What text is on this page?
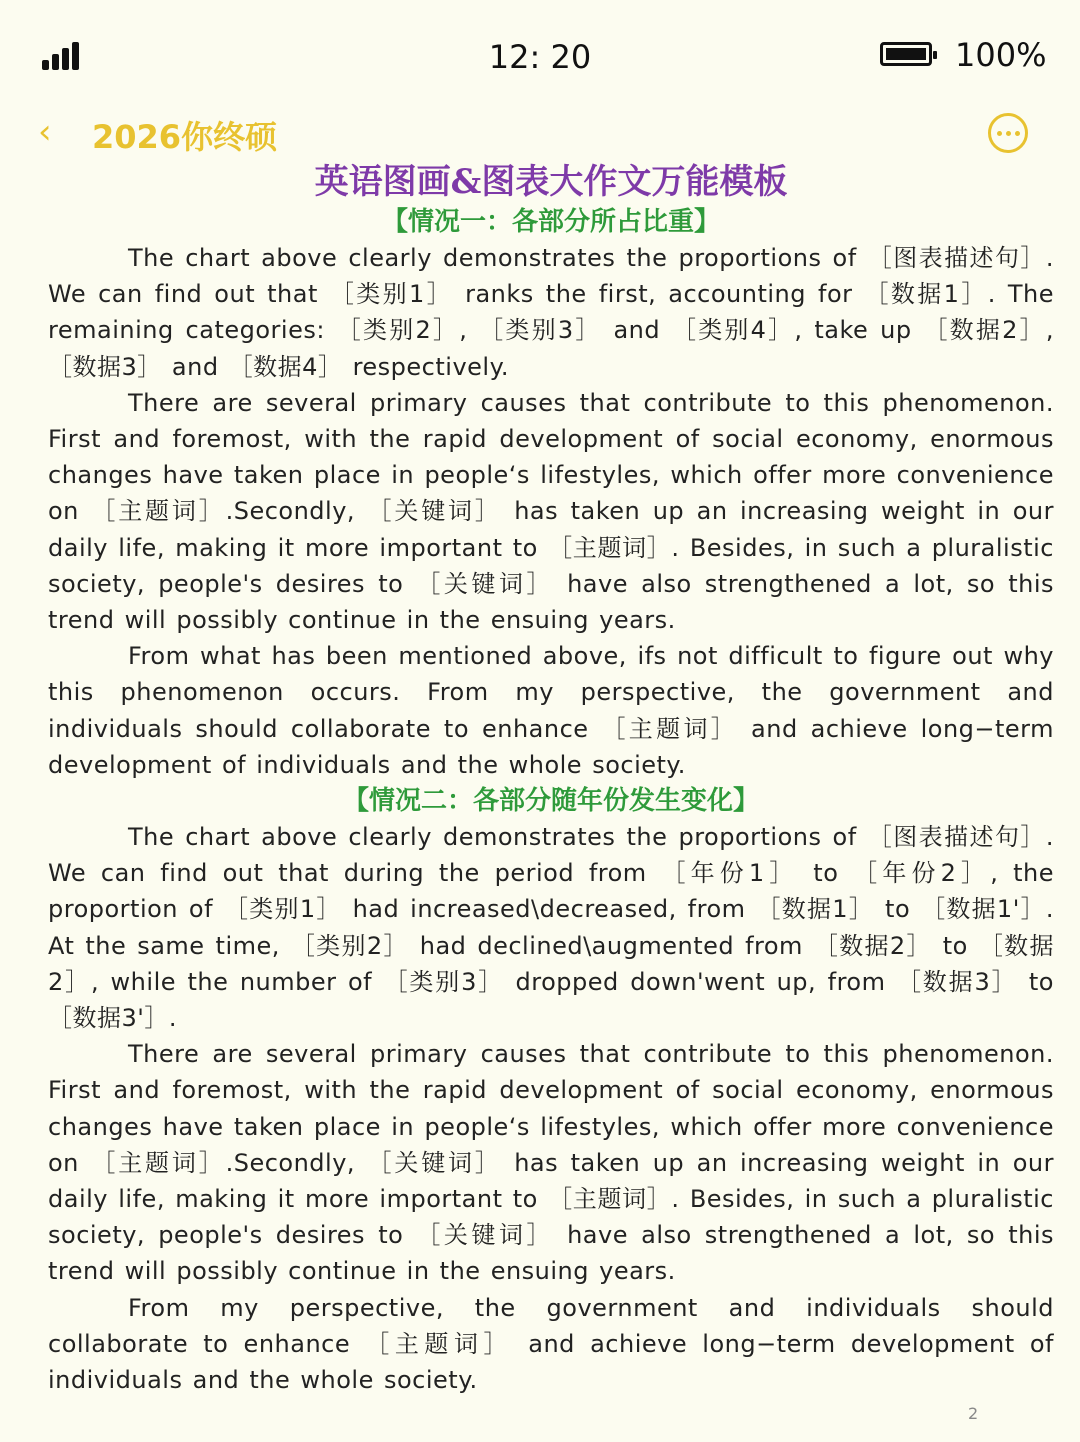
12: 20	100%
‹ 2026你终硕
英语图画&图表大作文万能模板
【情况一：各部分所占比重】

The chart above clearly demonstrates the proportions of ［图表描述句］. We can find out that ［类别1］ ranks the first, accounting for ［数据1］. The remaining categories: ［类别2］, ［类别3］ and ［类别4］, take up ［数据2］, ［数据3］ and ［数据4］ respectively.

There are several primary causes that contribute to this phenomenon. First and foremost, with the rapid development of social economy, enormous changes have taken place in people‘s lifestyles, which offer more convenience on ［主题词］.Secondly, ［关键词］ has taken up an increasing weight in our daily life, making it more important to ［主题词］. Besides, in such a pluralistic society, people's desires to ［关键词］ have also strengthened a lot, so this trend will possibly continue in the ensuing years.

From what has been mentioned above, ifs not difficult to figure out why this phenomenon occurs. From my perspective, the government and individuals should collaborate to enhance ［主题词］ and achieve long−term development of individuals and the whole society.

【情况二：各部分随年份发生变化】

The chart above clearly demonstrates the proportions of ［图表描述句］. We can find out that during the period from ［年份1］ to ［年份2］, the proportion of ［类别1］ had increased\decreased, from ［数据1］ to ［数据1'］. At the same time, ［类别2］ had declined\augmented from ［数据2］ to ［数据2］, while the number of ［类别3］ dropped down'went up, from ［数据3］ to ［数据3'］.

There are several primary causes that contribute to this phenomenon. First and foremost, with the rapid development of social economy, enormous changes have taken place in people‘s lifestyles, which offer more convenience on ［主题词］.Secondly, ［关键词］ has taken up an increasing weight in our daily life, making it more important to ［主题词］. Besides, in such a pluralistic society, people's desires to ［关键词］ have also strengthened a lot, so this trend will possibly continue in the ensuing years.

From my perspective, the government and individuals should collaborate to enhance ［主题词］ and achieve long−term development of individuals and the whole society.

2
